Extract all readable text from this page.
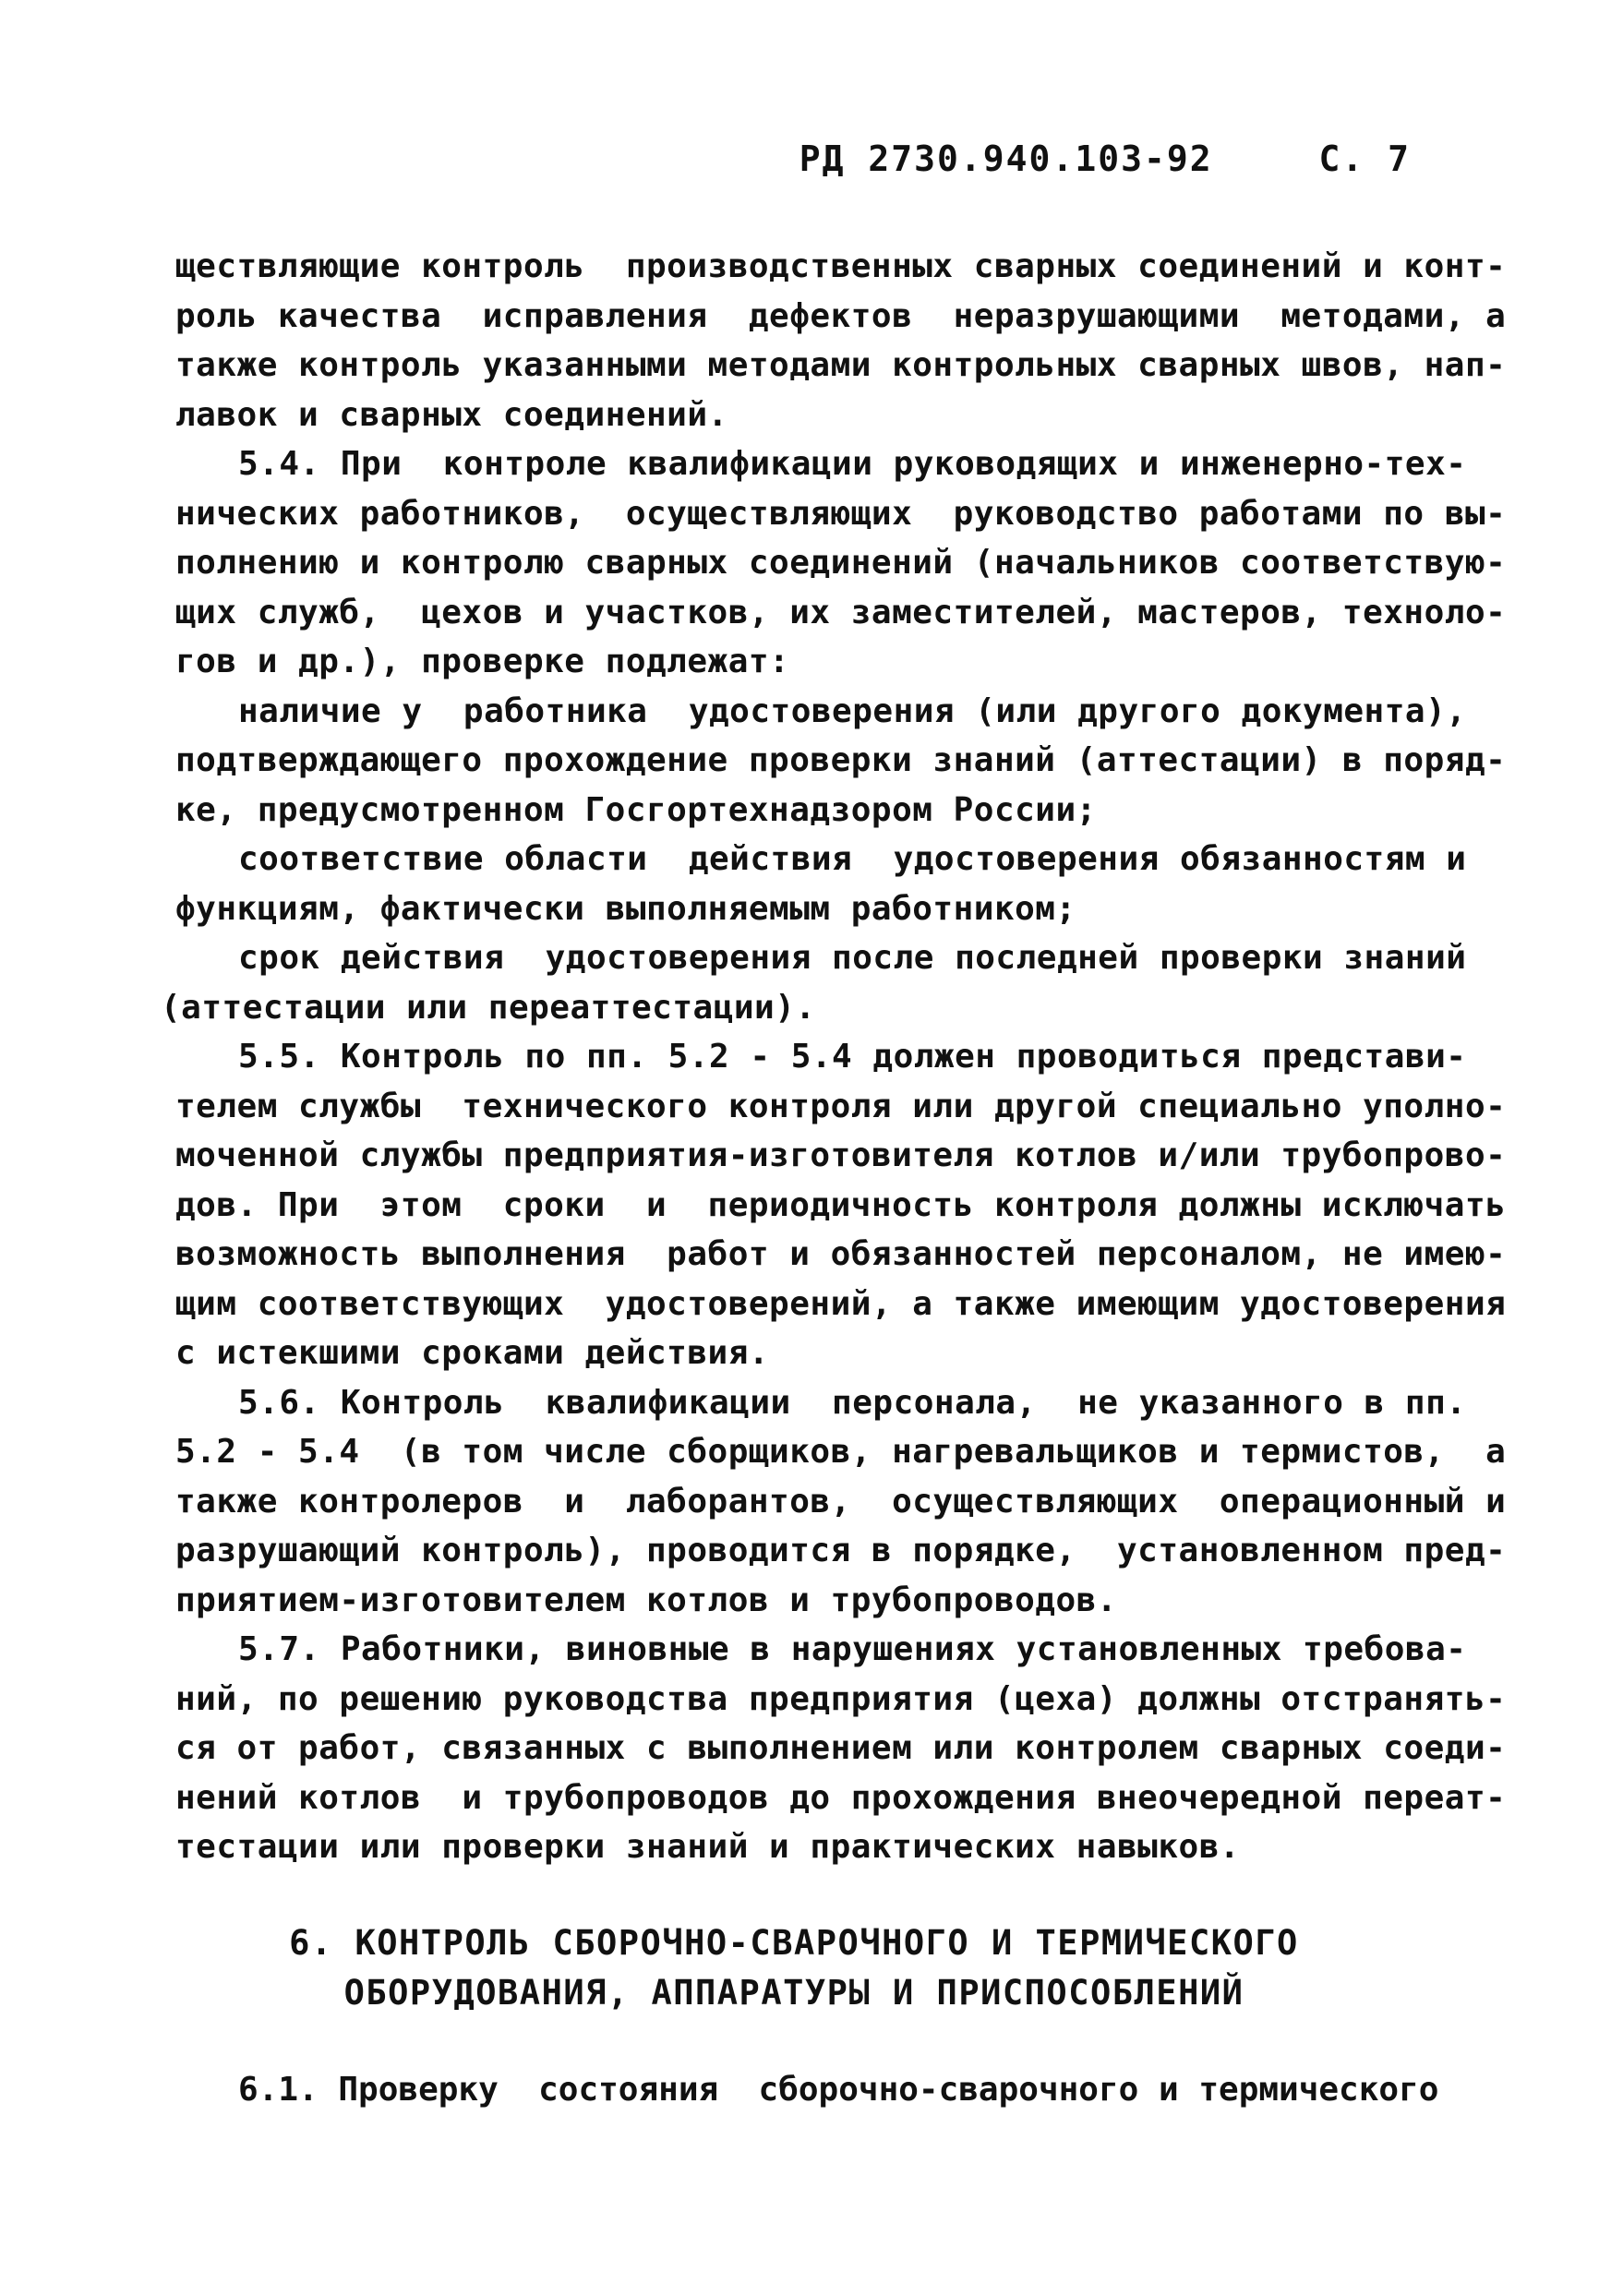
РД 2730.940.103-92	С. 7
ществляющие контроль  производственных сварных соединений и конт-
роль качества  исправления  дефектов  неразрушающими  методами, а
также контроль указанными методами контрольных сварных швов, нап-
лавок и сварных соединений.
5.4. При  контроле квалификации руководящих и инженерно-тех-
нических работников,  осуществляющих  руководство работами по вы-
полнению и контролю сварных соединений (начальников соответствую-
щих служб,  цехов и участков, их заместителей, мастеров, техноло-
гов и др.), проверке подлежат:
наличие у  работника  удостоверения (или другого документа),
подтверждающего прохождение проверки знаний (аттестации) в поряд-
ке, предусмотренном Госгортехнадзором России;
соответствие области  действия  удостоверения обязанностям и
функциям, фактически выполняемым работником;
срок действия  удостоверения после последней проверки знаний
(аттестации или переаттестации).
5.5. Контроль по пп. 5.2 - 5.4 должен проводиться представи-
телем службы  технического контроля или другой специально уполно-
моченной службы предприятия-изготовителя котлов и/или трубопрово-
дов. При  этом  сроки  и  периодичность контроля должны исключать
возможность выполнения  работ и обязанностей персоналом, не имею-
щим соответствующих  удостоверений, а также имеющим удостоверения
с истекшими сроками действия.
5.6. Контроль  квалификации  персонала,  не указанного в пп.
5.2 - 5.4  (в том числе сборщиков, нагревальщиков и термистов,  а
также контролеров  и  лаборантов,  осуществляющих  операционный и
разрушающий контроль), проводится в порядке,  установленном пред-
приятием-изготовителем котлов и трубопроводов.
5.7. Работники, виновные в нарушениях установленных требова-
ний, по решению руководства предприятия (цеха) должны отстранять-
ся от работ, связанных с выполнением или контролем сварных соеди-
нений котлов  и трубопроводов до прохождения внеочередной переат-
тестации или проверки знаний и практических навыков.
6. КОНТРОЛЬ СБОРОЧНО-СВАРОЧНОГО И ТЕРМИЧЕСКОГО
ОБОРУДОВАНИЯ, АППАРАТУРЫ И ПРИСПОСОБЛЕНИЙ
6.1. Проверку  состояния  сборочно-сварочного и термического
